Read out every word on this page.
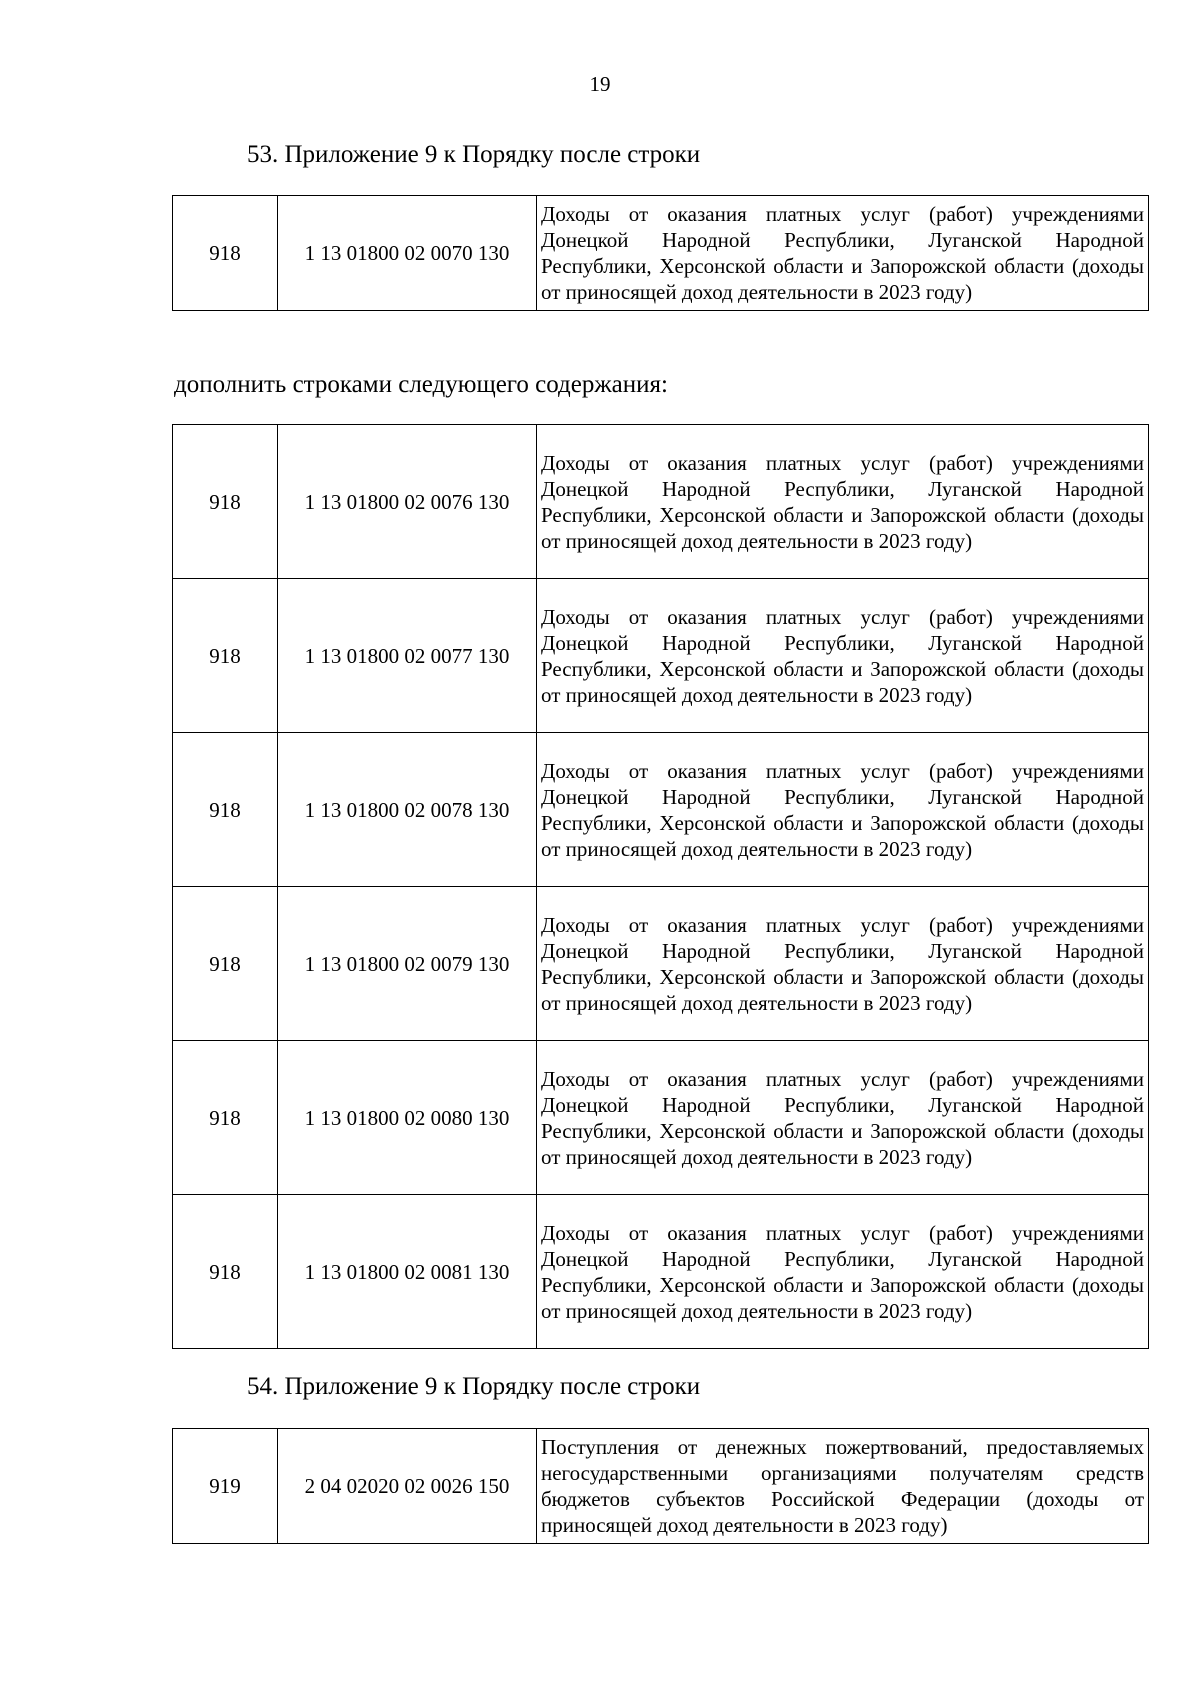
19
53. Приложение 9 к Порядку после строки
918	1 13 01800 02 0070 130	Доходы от оказания платных услуг (работ) учреждениями Донецкой Народной Республики, Луганской Народной Республики, Херсонской области и Запорожской области (доходы от приносящей доход деятельности в 2023 году)
дополнить строками следующего содержания:
918	1 13 01800 02 0076 130	Доходы от оказания платных услуг (работ) учреждениями Донецкой Народной Республики, Луганской Народной Республики, Херсонской области и Запорожской области (доходы от приносящей доход деятельности в 2023 году)
918	1 13 01800 02 0077 130	Доходы от оказания платных услуг (работ) учреждениями Донецкой Народной Республики, Луганской Народной Республики, Херсонской области и Запорожской области (доходы от приносящей доход деятельности в 2023 году)
918	1 13 01800 02 0078 130	Доходы от оказания платных услуг (работ) учреждениями Донецкой Народной Республики, Луганской Народной Республики, Херсонской области и Запорожской области (доходы от приносящей доход деятельности в 2023 году)
918	1 13 01800 02 0079 130	Доходы от оказания платных услуг (работ) учреждениями Донецкой Народной Республики, Луганской Народной Республики, Херсонской области и Запорожской области (доходы от приносящей доход деятельности в 2023 году)
918	1 13 01800 02 0080 130	Доходы от оказания платных услуг (работ) учреждениями Донецкой Народной Республики, Луганской Народной Республики, Херсонской области и Запорожской области (доходы от приносящей доход деятельности в 2023 году)
918	1 13 01800 02 0081 130	Доходы от оказания платных услуг (работ) учреждениями Донецкой Народной Республики, Луганской Народной Республики, Херсонской области и Запорожской области (доходы от приносящей доход деятельности в 2023 году)
54. Приложение 9 к Порядку после строки
919	2 04 02020 02 0026 150	Поступления от денежных пожертвований, предоставляемых негосударственными организациями получателям средств бюджетов субъектов Российской Федерации (доходы от приносящей доход деятельности в 2023 году)
